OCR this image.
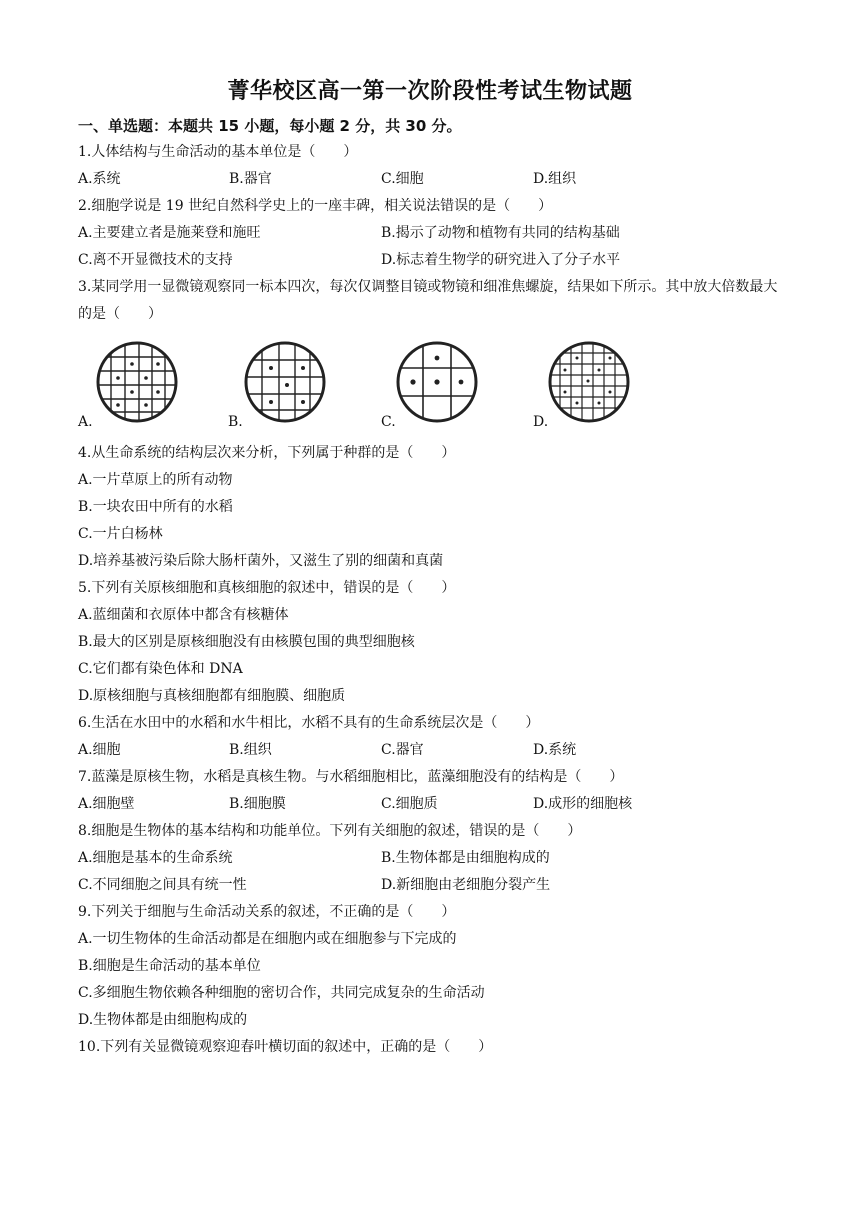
菁华校区高一第一次阶段性考试生物试题
一、单选题：本题共 15 小题，每小题 2 分，共 30 分。
1.人体结构与生命活动的基本单位是（　　）
A.系统	B.器官	C.细胞	D.组织
2.细胞学说是 19 世纪自然科学史上的一座丰碑，相关说法错误的是（　　）
A.主要建立者是施莱登和施旺	B.揭示了动物和植物有共同的结构基础
C.离不开显微技术的支持	D.标志着生物学的研究进入了分子水平
3.某同学用一显微镜观察同一标本四次，每次仅调整目镜或物镜和细准焦螺旋，结果如下所示。其中放大倍数最大的是（　　）
A.	B.	C.	D.
4.从生命系统的结构层次来分析，下列属于种群的是（　　）
A.一片草原上的所有动物
B.一块农田中所有的水稻
C.一片白杨林
D.培养基被污染后除大肠杆菌外，又滋生了别的细菌和真菌
5.下列有关原核细胞和真核细胞的叙述中，错误的是（　　）
A.蓝细菌和衣原体中都含有核糖体
B.最大的区别是原核细胞没有由核膜包围的典型细胞核
C.它们都有染色体和 DNA
D.原核细胞与真核细胞都有细胞膜、细胞质
6.生活在水田中的水稻和水牛相比，水稻不具有的生命系统层次是（　　）
A.细胞	B.组织	C.器官	D.系统
7.蓝藻是原核生物，水稻是真核生物。与水稻细胞相比，蓝藻细胞没有的结构是（　　）
A.细胞壁	B.细胞膜	C.细胞质	D.成形的细胞核
8.细胞是生物体的基本结构和功能单位。下列有关细胞的叙述，错误的是（　　）
A.细胞是基本的生命系统	B.生物体都是由细胞构成的
C.不同细胞之间具有统一性	D.新细胞由老细胞分裂产生
9.下列关于细胞与生命活动关系的叙述，不正确的是（　　）
A.一切生物体的生命活动都是在细胞内或在细胞参与下完成的
B.细胞是生命活动的基本单位
C.多细胞生物依赖各种细胞的密切合作，共同完成复杂的生命活动
D.生物体都是由细胞构成的
10.下列有关显微镜观察迎春叶横切面的叙述中，正确的是（　　）
